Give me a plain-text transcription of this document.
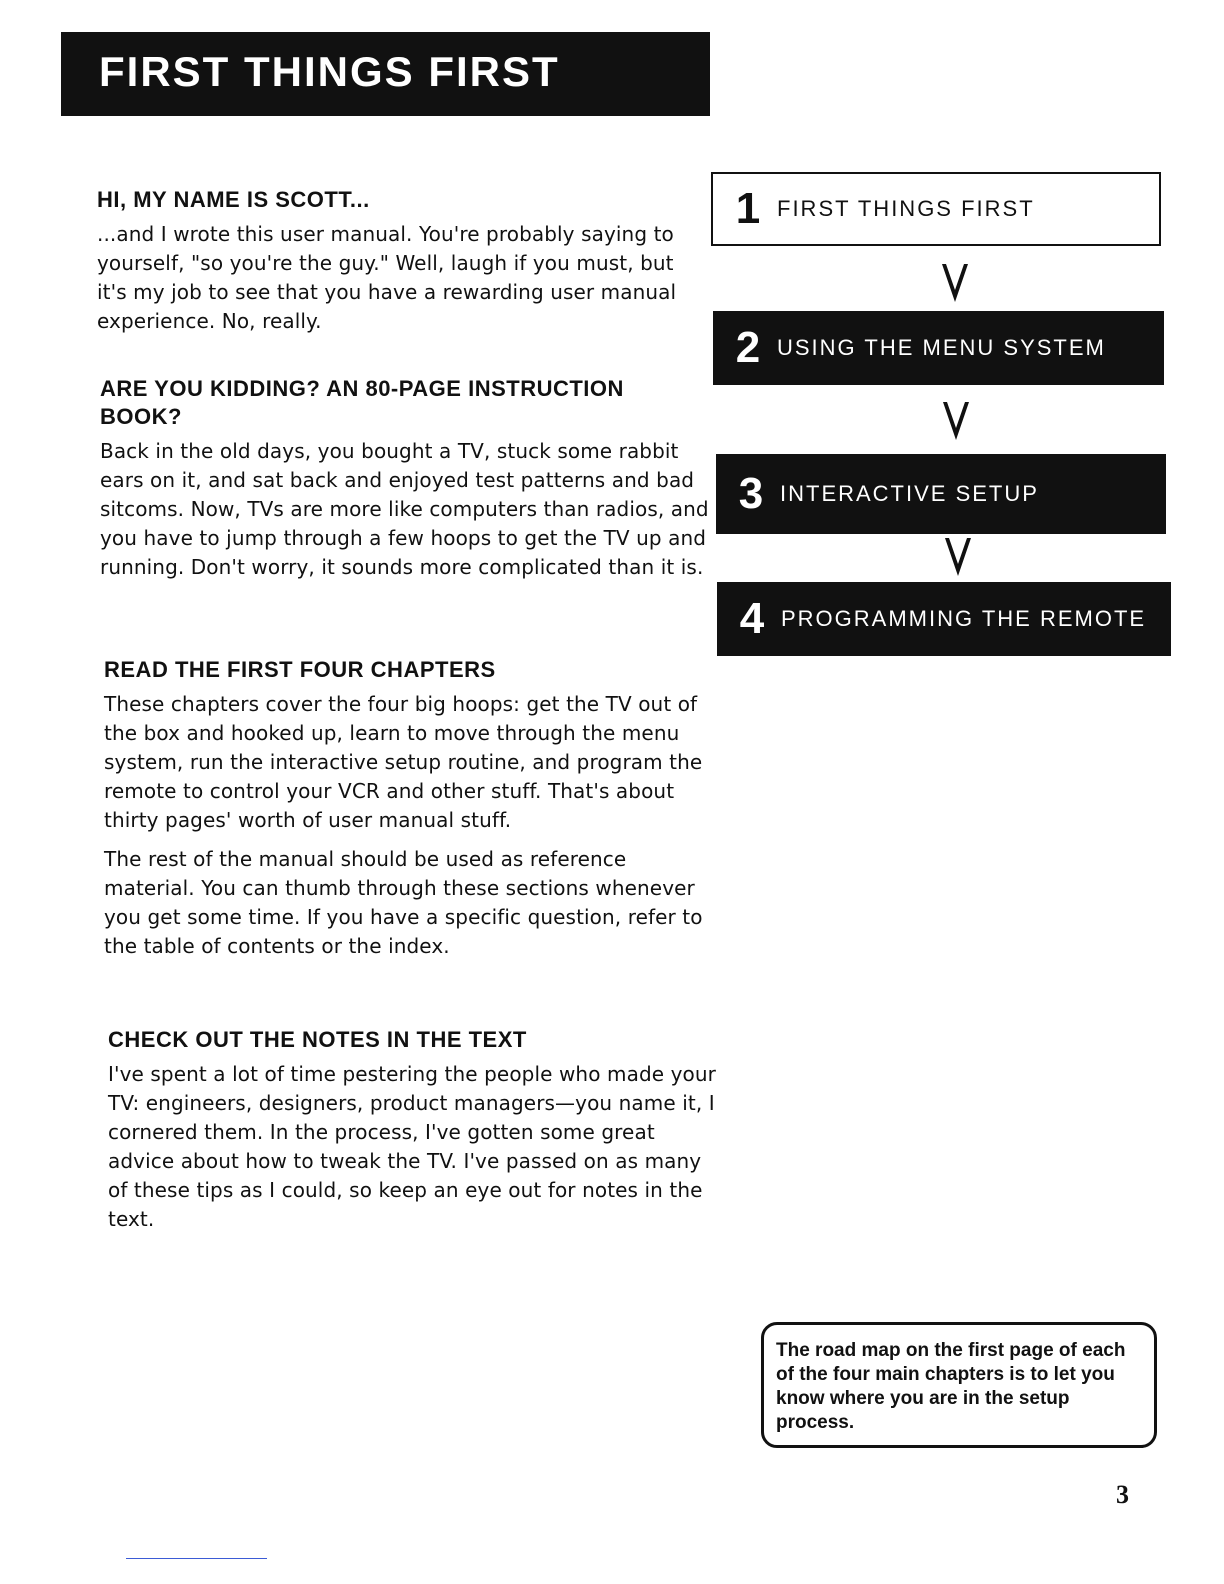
FIRST THINGS FIRST
HI, MY NAME IS SCOTT...

...and I wrote this user manual. You're probably saying to yourself, "so you're the guy." Well, laugh if you must, but it's my job to see that you have a rewarding user manual experience. No, really.

ARE YOU KIDDING? AN 80-PAGE INSTRUCTION BOOK?

Back in the old days, you bought a TV, stuck some rabbit ears on it, and sat back and enjoyed test patterns and bad sitcoms. Now, TVs are more like computers than radios, and you have to jump through a few hoops to get the TV up and running. Don't worry, it sounds more complicated than it is.

READ THE FIRST FOUR CHAPTERS

These chapters cover the four big hoops: get the TV out of the box and hooked up, learn to move through the menu system, run the interactive setup routine, and program the remote to control your VCR and other stuff. That's about thirty pages' worth of user manual stuff.

The rest of the manual should be used as reference material. You can thumb through these sections whenever you get some time. If you have a specific question, refer to the table of contents or the index.

CHECK OUT THE NOTES IN THE TEXT

I've spent a lot of time pestering the people who made your TV: engineers, designers, product managers—you name it, I cornered them. In the process, I've gotten some great advice about how to tweak the TV. I've passed on as many of these tips as I could, so keep an eye out for notes in the text.

1 FIRST THINGS FIRST
2 USING THE MENU SYSTEM
3 INTERACTIVE SETUP
4 PROGRAMMING THE REMOTE

The road map on the first page of each of the four main chapters is to let you know where you are in the setup process.

3
